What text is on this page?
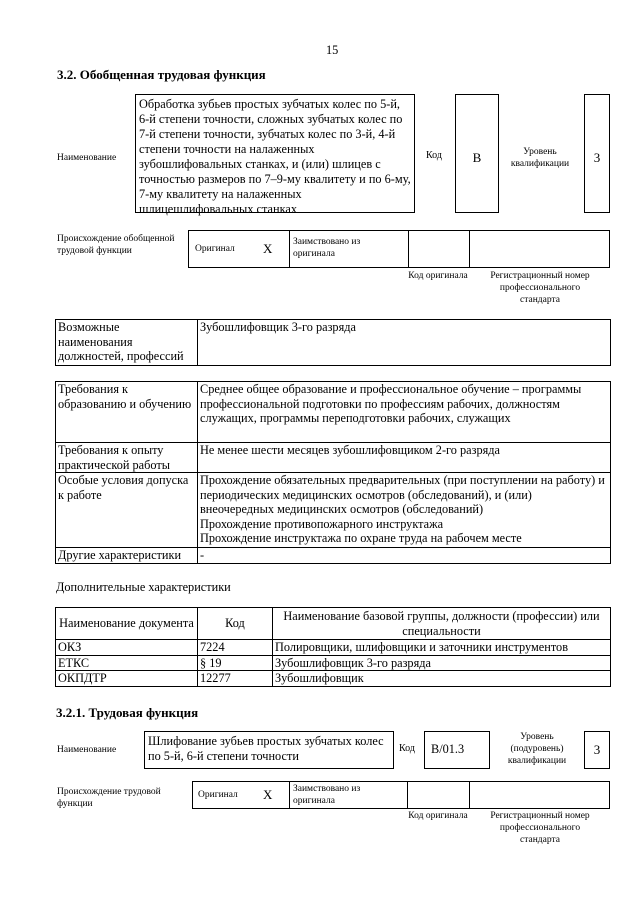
15
3.2. Обобщенная трудовая функция
Наименование
Обработка зубьев простых зубчатых колес по 5-й, 6-й степени точности, сложных зубчатых колес по 7-й степени точности, зубчатых колес по 3-й, 4-й степени точности на налаженных зубошлифовальных станках, и (или) шлицев с точностью размеров по 7–9-му квалитету и по 6-му, 7-му квалитету на налаженных шлицешлифовальных станках
Код	B	Уровень квалификации	3
Происхождение обобщенной трудовой функции	Оригинал X Заимствовано из оригинала
Код оригинала	Регистрационный номер профессионального стандарта
Возможные наименования должностей, профессий	Зубошлифовщик 3-го разряда
Требования к образованию и обучению	Среднее общее образование и профессиональное обучение – программы профессиональной подготовки по профессиям рабочих, должностям служащих, программы переподготовки рабочих, служащих
Требования к опыту практической работы	Не менее шести месяцев зубошлифовщиком 2-го разряда
Особые условия допуска к работе	Прохождение обязательных предварительных (при поступлении на работу) и периодических медицинских осмотров (обследований), и (или) внеочередных медицинских осмотров (обследований)
Прохождение противопожарного инструктажа
Прохождение инструктажа по охране труда на рабочем месте

Другие характеристики	-
Дополнительные характеристики
Наименование документа	Код	Наименование базовой группы, должности (профессии) или специальности
ОКЗ	7224	Полировщики, шлифовщики и заточники инструментов
ЕТКС	§ 19	Зубошлифовщик 3-го разряда
ОКПДТР	12277	Зубошлифовщик
3.2.1. Трудовая функция
Наименование
Шлифование зубьев простых зубчатых колес по 5-й, 6-й степени точности
Код	B/01.3
Уровень (подуровень) квалификации
3
Происхождение трудовой функции
Оригинал X Заимствовано из оригинала
Код оригинала	Регистрационный номер профессионального стандарта
